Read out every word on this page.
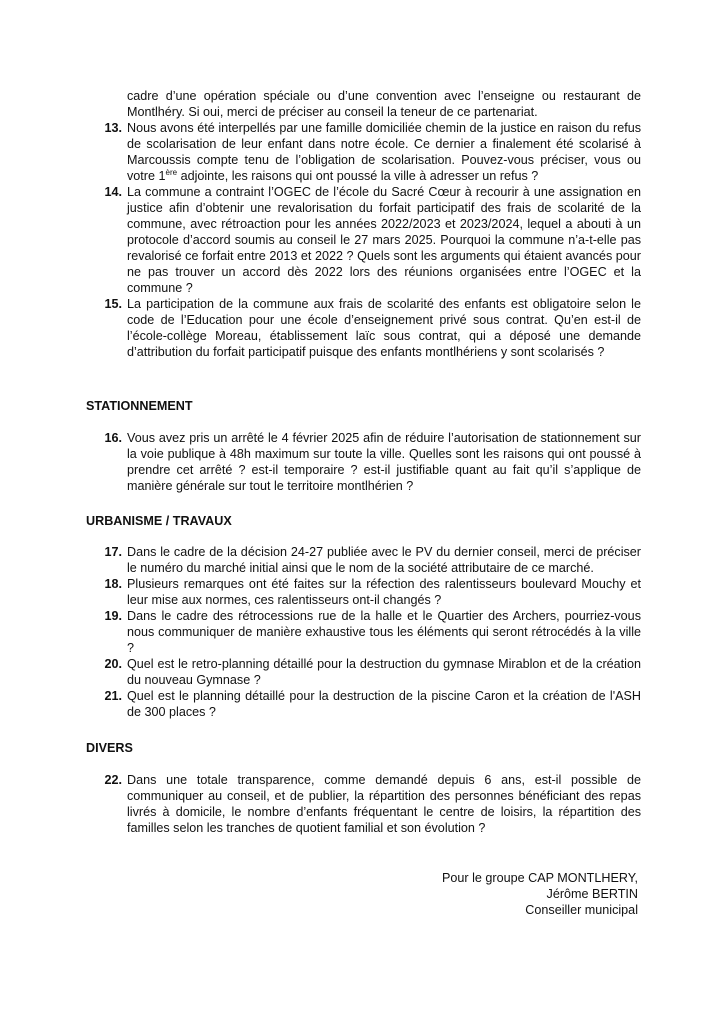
cadre d’une opération spéciale ou d’une convention avec l’enseigne ou restaurant de Montlhéry. Si oui, merci de préciser au conseil la teneur de ce partenariat.
13. Nous avons été interpellés par une famille domiciliée chemin de la justice en raison du refus de scolarisation de leur enfant dans notre école. Ce dernier a finalement été scolarisé à Marcoussis compte tenu de l’obligation de scolarisation. Pouvez-vous préciser, vous ou votre 1ère adjointe, les raisons qui ont poussé la ville à adresser un refus ?
14. La commune a contraint l’OGEC de l’école du Sacré Cœur à recourir à une assignation en justice afin d’obtenir une revalorisation du forfait participatif des frais de scolarité de la commune, avec rétroaction pour les années 2022/2023 et 2023/2024, lequel a abouti à un protocole d’accord soumis au conseil le 27 mars 2025. Pourquoi la commune n’a-t-elle pas revalorisé ce forfait entre 2013 et 2022 ? Quels sont les arguments qui étaient avancés pour ne pas trouver un accord dès 2022 lors des réunions organisées entre l’OGEC et la commune ?
15. La participation de la commune aux frais de scolarité des enfants est obligatoire selon le code de l’Education pour une école d’enseignement privé sous contrat. Qu’en est-il de l’école-collège Moreau, établissement laïc sous contrat, qui a déposé une demande d’attribution du forfait participatif puisque des enfants montlhériens y sont scolarisés ?
STATIONNEMENT
16. Vous avez pris un arrêté le 4 février 2025 afin de réduire l’autorisation de stationnement sur la voie publique à 48h maximum sur toute la ville. Quelles sont les raisons qui ont poussé à prendre cet arrêté ? est-il temporaire ? est-il justifiable quant au fait qu’il s’applique de manière générale sur tout le territoire montlhérien ?
URBANISME / TRAVAUX
17. Dans le cadre de la décision 24-27 publiée avec le PV du dernier conseil, merci de préciser le numéro du marché initial ainsi que le nom de la société attributaire de ce marché.
18. Plusieurs remarques ont été faites sur la réfection des ralentisseurs boulevard Mouchy et leur mise aux normes, ces ralentisseurs ont-il changés ?
19. Dans le cadre des rétrocessions rue de la halle et le Quartier des Archers, pourriez-vous nous communiquer de manière exhaustive tous les éléments qui seront rétrocédés à la ville ?
20. Quel est le retro-planning détaillé pour la destruction du gymnase Mirablon et de la création du nouveau Gymnase ?
21. Quel est le planning détaillé pour la destruction de la piscine Caron et la création de l'ASH de 300 places ?
DIVERS
22. Dans une totale transparence, comme demandé depuis 6 ans, est-il possible de communiquer au conseil, et de publier, la répartition des personnes bénéficiant des repas livrés à domicile, le nombre d’enfants fréquentant le centre de loisirs, la répartition des familles selon les tranches de quotient familial et son évolution ?
Pour le groupe CAP MONTLHERY,
Jérôme BERTIN
Conseiller municipal
